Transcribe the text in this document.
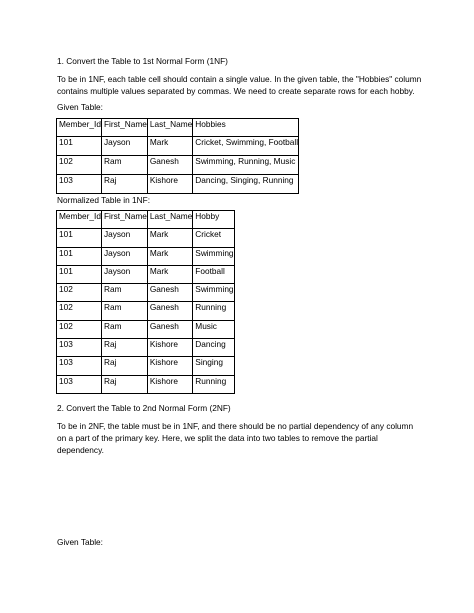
1. Convert the Table to 1st Normal Form (1NF)

To be in 1NF, each table cell should contain a single value. In the given table, the "Hobbies" column contains multiple values separated by commas. We need to create separate rows for each hobby.

Given Table:

Member_Id	First_Name	Last_Name	Hobbies
101	Jayson	Mark	Cricket, Swimming, Football
102	Ram	Ganesh	Swimming, Running, Music
103	Raj	Kishore	Dancing, Singing, Running

Normalized Table in 1NF:

Member_Id	First_Name	Last_Name	Hobby
101	Jayson	Mark	Cricket
101	Jayson	Mark	Swimming
101	Jayson	Mark	Football
102	Ram	Ganesh	Swimming
102	Ram	Ganesh	Running
102	Ram	Ganesh	Music
103	Raj	Kishore	Dancing
103	Raj	Kishore	Singing
103	Raj	Kishore	Running

2. Convert the Table to 2nd Normal Form (2NF)

To be in 2NF, the table must be in 1NF, and there should be no partial dependency of any column on a part of the primary key. Here, we split the data into two tables to remove the partial dependency.

Given Table:
